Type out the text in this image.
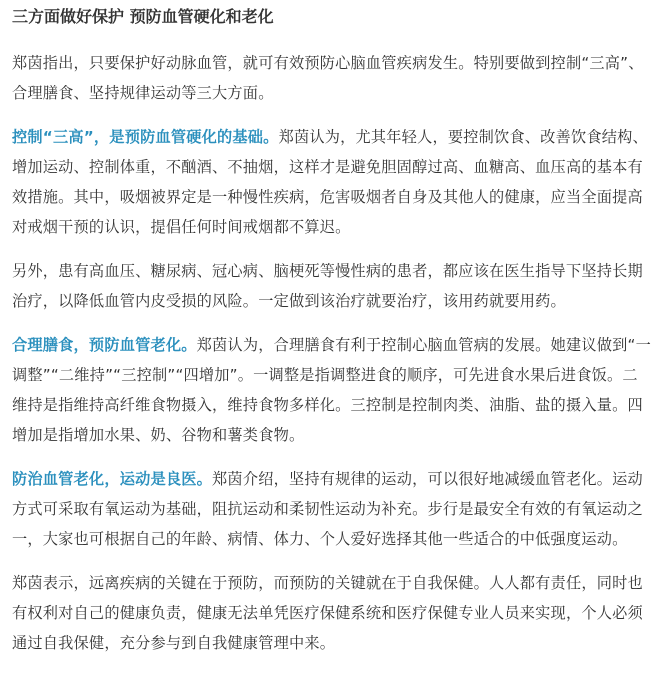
三方面做好保护 预防血管硬化和老化

郑茵指出，只要保护好动脉血管，就可有效预防心脑血管疾病发生。特别要做到控制“三高”、合理膳食、坚持规律运动等三大方面。

控制“三高”，是预防血管硬化的基础。郑茵认为，尤其年轻人，要控制饮食、改善饮食结构、增加运动、控制体重，不酗酒、不抽烟，这样才是避免胆固醇过高、血糖高、血压高的基本有效措施。其中，吸烟被界定是一种慢性疾病，危害吸烟者自身及其他人的健康，应当全面提高对戒烟干预的认识，提倡任何时间戒烟都不算迟。

另外，患有高血压、糖尿病、冠心病、脑梗死等慢性病的患者，都应该在医生指导下坚持长期治疗，以降低血管内皮受损的风险。一定做到该治疗就要治疗，该用药就要用药。

合理膳食，预防血管老化。郑茵认为，合理膳食有利于控制心脑血管病的发展。她建议做到“一调整”“二维持”“三控制”“四增加”。一调整是指调整进食的顺序，可先进食水果后进食饭。二维持是指维持高纤维食物摄入，维持食物多样化。三控制是控制肉类、油脂、盐的摄入量。四增加是指增加水果、奶、谷物和薯类食物。

防治血管老化，运动是良医。郑茵介绍，坚持有规律的运动，可以很好地减缓血管老化。运动方式可采取有氧运动为基础，阻抗运动和柔韧性运动为补充。步行是最安全有效的有氧运动之一，大家也可根据自己的年龄、病情、体力、个人爱好选择其他一些适合的中低强度运动。

郑茵表示，远离疾病的关键在于预防，而预防的关键就在于自我保健。人人都有责任，同时也有权利对自己的健康负责，健康无法单凭医疗保健系统和医疗保健专业人员来实现，个人必须通过自我保健，充分参与到自我健康管理中来。
